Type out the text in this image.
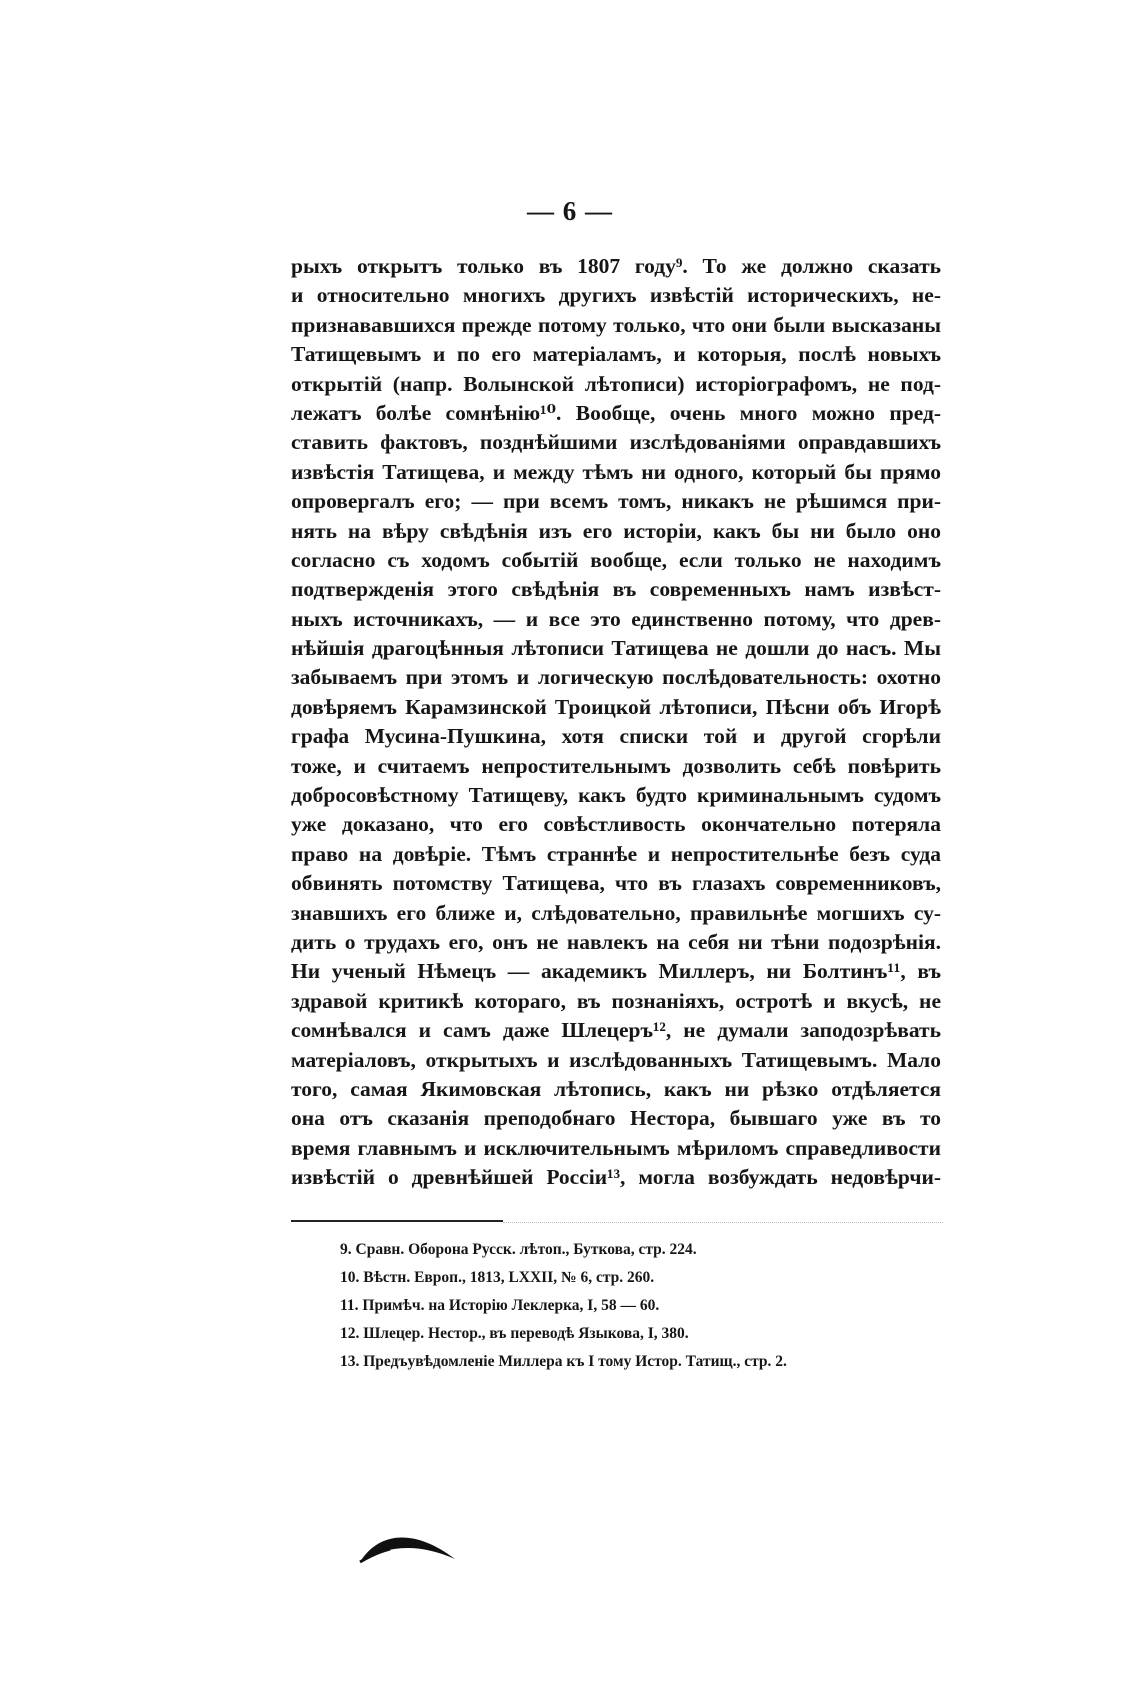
— 6 —
рыхъ открытъ только въ 1807 году⁹. То же должно сказать
и относительно многихъ другихъ извѣстій историческихъ, не-
признававшихся прежде потому только, что они были высказаны
Татищевымъ и по его матеріаламъ, и которыя, послѣ новыхъ
открытій (напр. Волынской лѣтописи) исторіографомъ, не под-
лежатъ болѣе сомнѣнію¹⁰. Вообще, очень много можно пред-
ставить фактовъ, позднѣйшими изслѣдованіями оправдавшихъ
извѣстія Татищева, и между тѣмъ ни одного, который бы прямо
опровергалъ его; — при всемъ томъ, никакъ не рѣшимся при-
нять на вѣру свѣдѣнія изъ его исторіи, какъ бы ни было оно
согласно съ ходомъ событій вообще, если только не находимъ
подтвержденія этого свѣдѣнія въ современныхъ намъ извѣст-
ныхъ источникахъ, — и все это единственно потому, что древ-
нѣйшія драгоцѣнныя лѣтописи Татищева не дошли до насъ. Мы
забываемъ при этомъ и логическую послѣдовательность: охотно
довѣряемъ Карамзинской Троицкой лѣтописи, Пѣсни объ Игорѣ
графа Мусина-Пушкина, хотя списки той и другой сгорѣли
тоже, и считаемъ непростительнымъ дозволить себѣ повѣрить
добросовѣстному Татищеву, какъ будто криминальнымъ судомъ
уже доказано, что его совѣстливость окончательно потеряла
право на довѣріе. Тѣмъ страннѣе и непростительнѣе безъ суда
обвинять потомству Татищева, что въ глазахъ современниковъ,
знавшихъ его ближе и, слѣдовательно, правильнѣе могшихъ су-
дить о трудахъ его, онъ не навлекъ на себя ни тѣни подозрѣнія.
Ни ученый Нѣмецъ — академикъ Миллеръ, ни Болтинъ¹¹, въ
здравой критикѣ котораго, въ познаніяхъ, остротѣ и вкусѣ, не
сомнѣвался и самъ даже Шлецеръ¹², не думали заподозрѣвать
матеріаловъ, открытыхъ и изслѣдованныхъ Татищевымъ. Мало
того, самая Якимовская лѣтопись, какъ ни рѣзко отдѣляется
она отъ сказанія преподобнаго Нестора, бывшаго уже въ то
время главнымъ и исключительнымъ мѣриломъ справедливости
извѣстій о древнѣйшей Россіи¹³, могла возбуждать недовѣрчи-
9. Сравн. Оборона Русск. лѣтоп., Буткова, стр. 224.
10. Вѣстн. Европ., 1813, LXXII, № 6, стр. 260.
11. Примѣч. на Исторію Леклерка, I, 58 — 60.
12. Шлецер. Нестор., въ переводѣ Языкова, I, 380.
13. Предъувѣдомленіе Миллера къ I тому Истор. Татищ., стр. 2.
